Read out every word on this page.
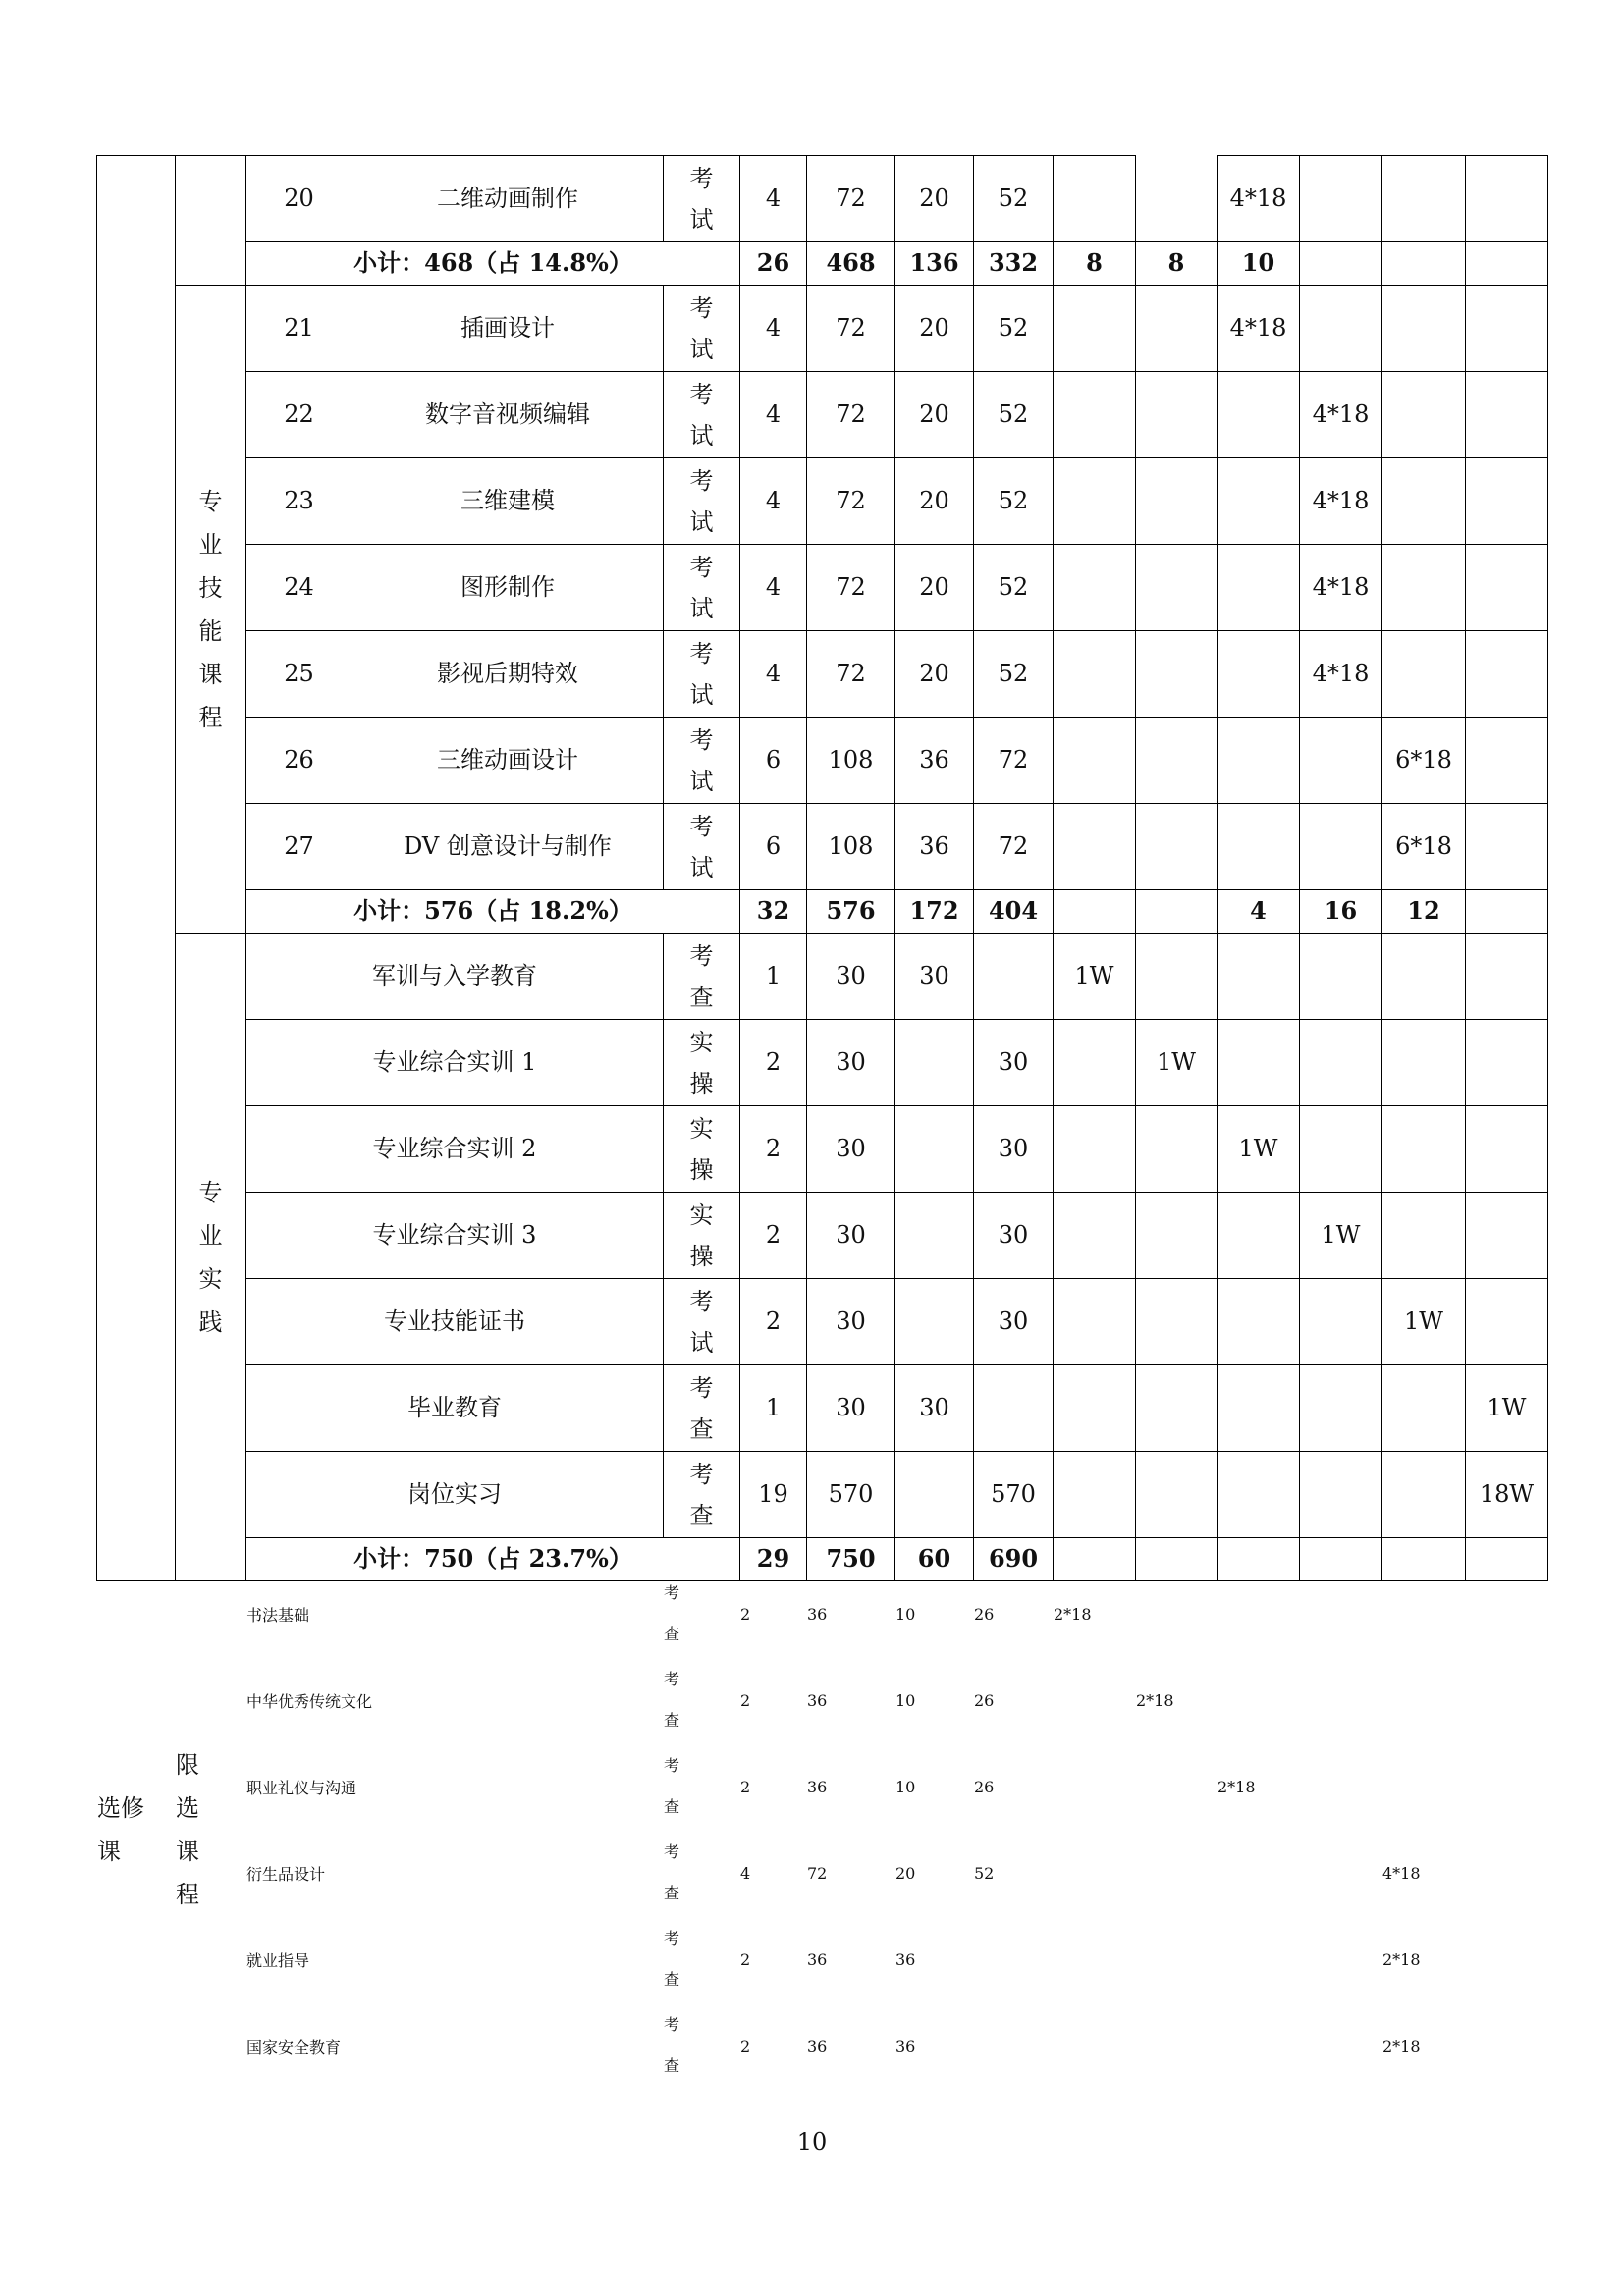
		20	二维动画制作	考试	4	72	20	52			4*18			
		小计：468（占 14.8%）			26	468	136	332	8	8	10			
	专业技能课程	21	插画设计	考试	4	72	20	52			4*18			
		22	数字音视频编辑	考试	4	72	20	52				4*18		
		23	三维建模	考试	4	72	20	52				4*18		
		24	图形制作	考试	4	72	20	52				4*18		
		25	影视后期特效	考试	4	72	20	52				4*18		
		26	三维动画设计	考试	6	108	36	72					6*18	
		27	DV 创意设计与制作	考试	6	108	36	72					6*18	
		小计：576（占 18.2%）			32	576	172	404			4	16	12	
	专业实践	军训与入学教育		考查	1	30	30		1W					
		专业综合实训 1		实操	2	30		30		1W				
		专业综合实训 2		实操	2	30		30			1W			
		专业综合实训 3		实操	2	30		30				1W		
		专业技能证书		考试	2	30		30					1W	
		毕业教育		考查	1	30	30							1W
		岗位实习		考查	19	570		570						18W
		小计：750（占 23.7%）			29	750	60	690						
选修课	限选课程	书法基础	考查	2	36	10	26	2*18					
		中华优秀传统文化	考查	2	36	10	26		2*18				
		职业礼仪与沟通	考查	2	36	10	26			2*18			
		衍生品设计	考查	4	72	20	52					4*18	
		就业指导	考查	2	36	36						2*18	
		国家安全教育	考查	2	36	36						2*18	
10
